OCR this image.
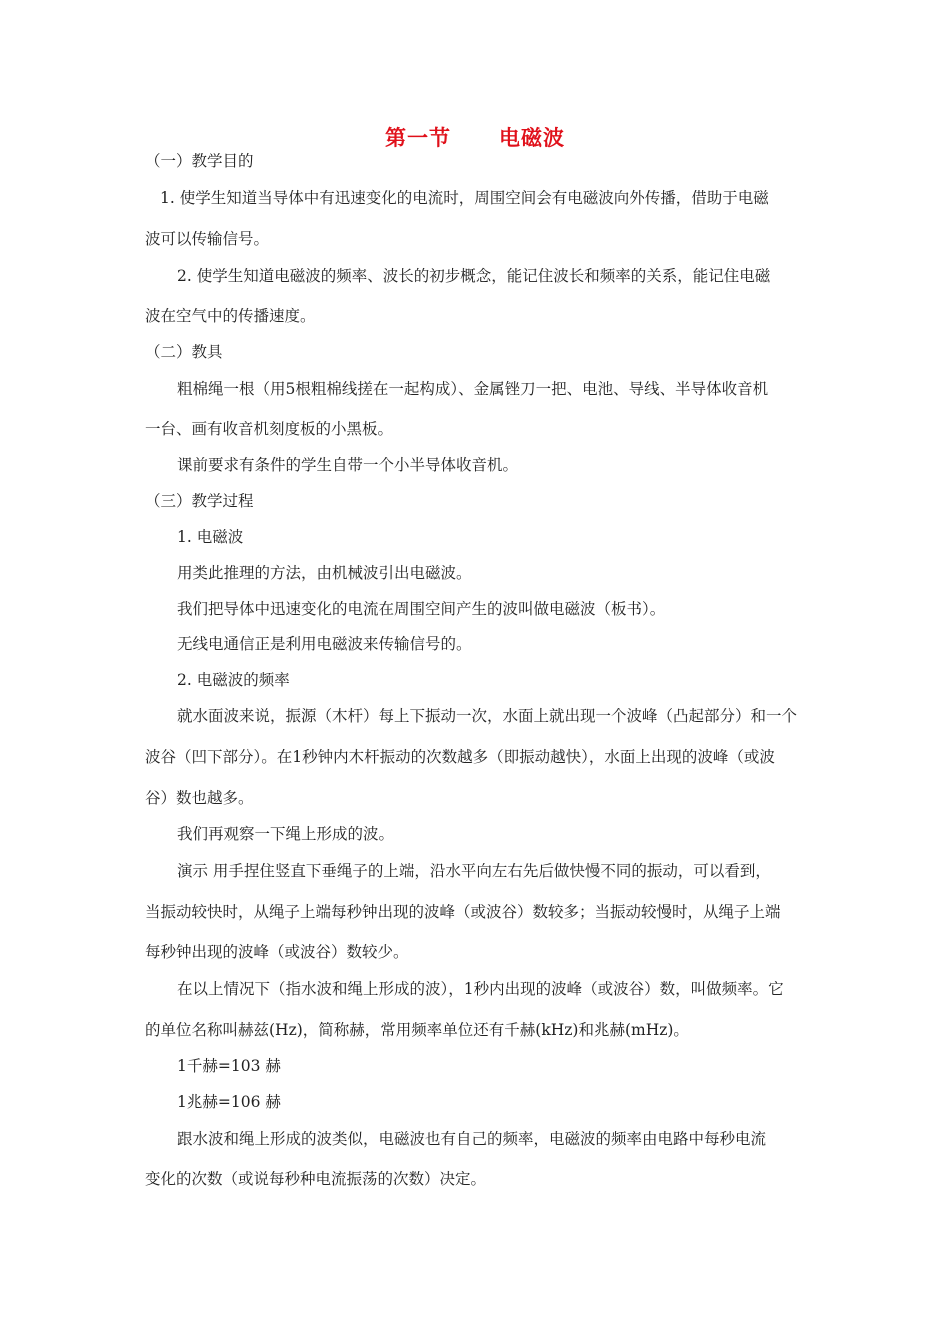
第一节 电磁波
（一）教学目的
1. 使学生知道当导体中有迅速变化的电流时，周围空间会有电磁波向外传播，借助于电磁
波可以传输信号。
2. 使学生知道电磁波的频率、波长的初步概念，能记住波长和频率的关系，能记住电磁
波在空气中的传播速度。
（二）教具
粗棉绳一根（用5根粗棉线搓在一起构成）、金属锉刀一把、电池、导线、半导体收音机
一台、画有收音机刻度板的小黑板。
课前要求有条件的学生自带一个小半导体收音机。
（三）教学过程
1. 电磁波
用类此推理的方法，由机械波引出电磁波。
我们把导体中迅速变化的电流在周围空间产生的波叫做电磁波（板书）。
无线电通信正是利用电磁波来传输信号的。
2. 电磁波的频率
就水面波来说，振源（木杆）每上下振动一次，水面上就出现一个波峰（凸起部分）和一个
波谷（凹下部分）。在1秒钟内木杆振动的次数越多（即振动越快），水面上出现的波峰（或波
谷）数也越多。
我们再观察一下绳上形成的波。
演示 用手捏住竖直下垂绳子的上端，沿水平向左右先后做快慢不同的振动，可以看到，
当振动较快时，从绳子上端每秒钟出现的波峰（或波谷）数较多；当振动较慢时，从绳子上端
每秒钟出现的波峰（或波谷）数较少。
在以上情况下（指水波和绳上形成的波），1秒内出现的波峰（或波谷）数，叫做频率。它
的单位名称叫赫兹(Hz)，简称赫，常用频率单位还有千赫(kHz)和兆赫(mHz)。
1千赫=103 赫
1兆赫=106 赫
跟水波和绳上形成的波类似，电磁波也有自己的频率，电磁波的频率由电路中每秒电流
变化的次数（或说每秒种电流振荡的次数）决定。
